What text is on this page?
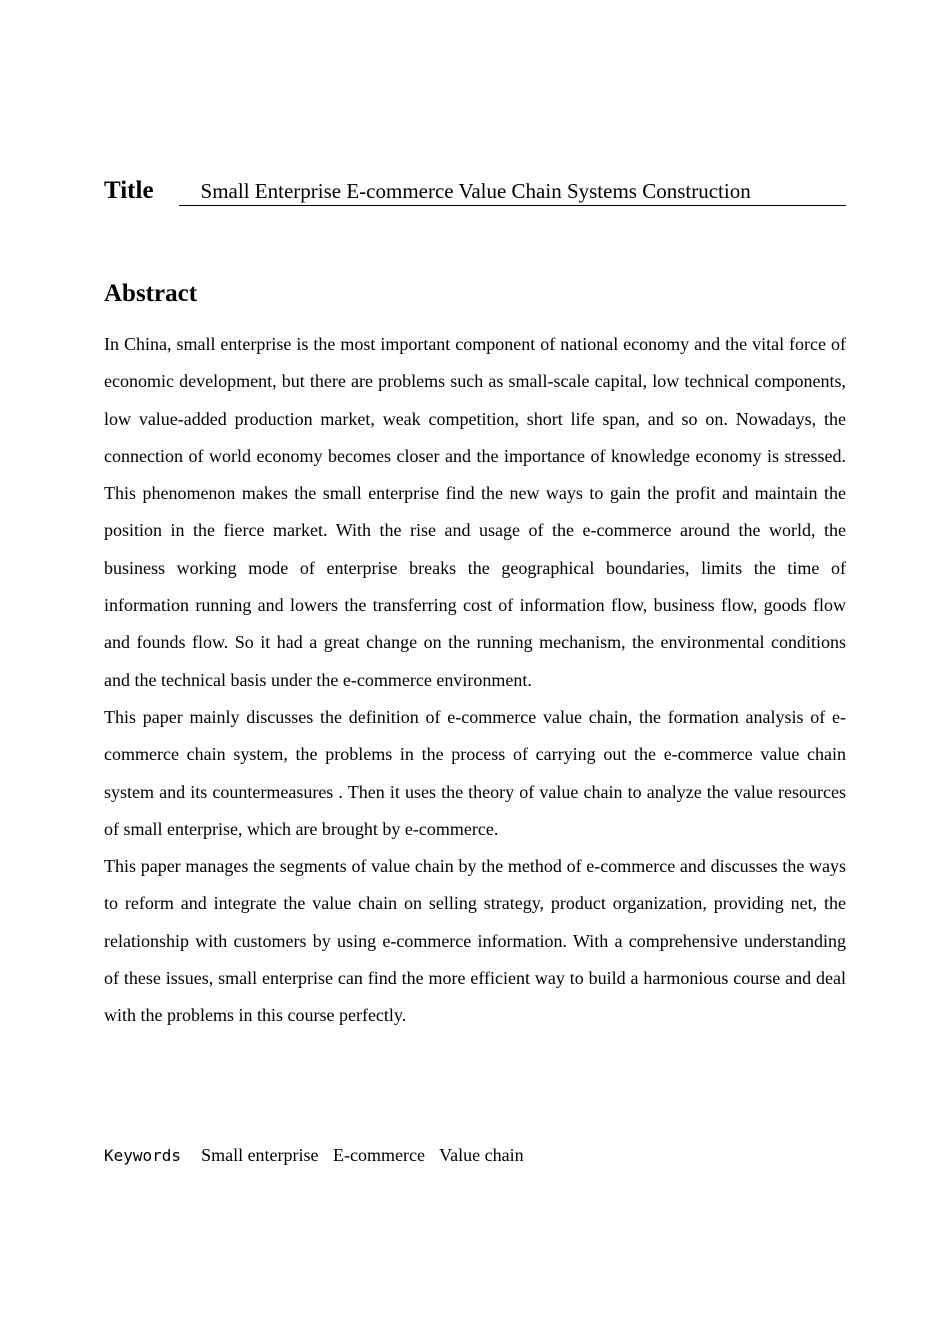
Title	Small Enterprise E-commerce Value Chain Systems Construction
Abstract

In China, small enterprise is the most important component of national economy and the vital force of economic development, but there are problems such as small-scale capital, low technical components, low value-added production market, weak competition, short life span, and so on. Nowadays, the connection of world economy becomes closer and the importance of knowledge economy is stressed. This phenomenon makes the small enterprise find the new ways to gain the profit and maintain the position in the fierce market. With the rise and usage of the e-commerce around the world, the business working mode of enterprise breaks the geographical boundaries, limits the time of information running and lowers the transferring cost of information flow, business flow, goods flow and founds flow. So it had a great change on the running mechanism, the environmental conditions and the technical basis under the e-commerce environment.

This paper mainly discusses the definition of e-commerce value chain, the formation analysis of e-commerce chain system, the problems in the process of carrying out the e-commerce value chain system and its countermeasures . Then it uses the theory of value chain to analyze the value resources of small enterprise, which are brought by e-commerce.

This paper manages the segments of value chain by the method of e-commerce and discusses the ways to reform and integrate the value chain on selling strategy, product organization, providing net, the relationship with customers by using e-commerce information. With a comprehensive understanding of these issues, small enterprise can find the more efficient way to build a harmonious course and deal with the problems in this course perfectly.

Keywords Small enterprise E-commerce Value chain
